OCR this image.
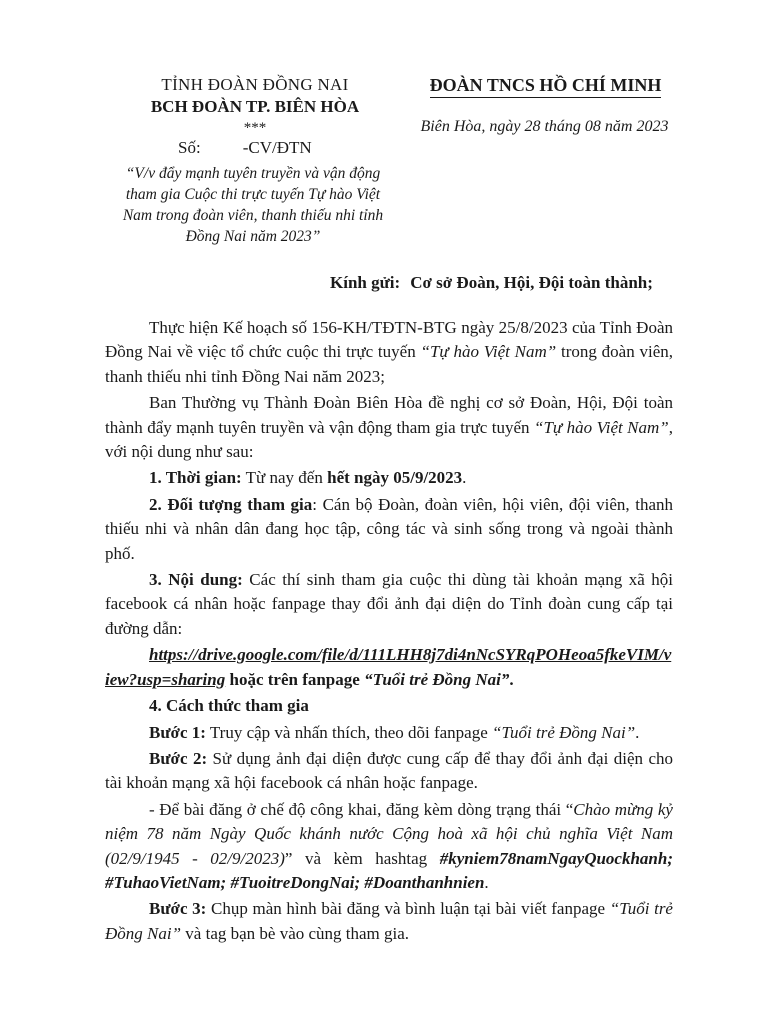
TỈNH ĐOÀN ĐỒNG NAI
BCH ĐOÀN TP. BIÊN HÒA
***
Số: -CV/ĐTN
“V/v đẩy mạnh tuyên truyền và vận động tham gia Cuộc thi trực tuyến Tự hào Việt Nam trong đoàn viên, thanh thiếu nhi tỉnh Đồng Nai năm 2023”
ĐOÀN TNCS HỒ CHÍ MINH
Biên Hòa, ngày 28 tháng 08 năm 2023
Kính gửi: Cơ sở Đoàn, Hội, Đội toàn thành;

Thực hiện Kế hoạch số 156-KH/TĐTN-BTG ngày 25/8/2023 của Tỉnh Đoàn Đồng Nai về việc tổ chức cuộc thi trực tuyến “Tự hào Việt Nam” trong đoàn viên, thanh thiếu nhi tỉnh Đồng Nai năm 2023;

Ban Thường vụ Thành Đoàn Biên Hòa đề nghị cơ sở Đoàn, Hội, Đội toàn thành đẩy mạnh tuyên truyền và vận động tham gia trực tuyến “Tự hào Việt Nam”, với nội dung như sau:

1. Thời gian: Từ nay đến hết ngày 05/9/2023.

2. Đối tượng tham gia: Cán bộ Đoàn, đoàn viên, hội viên, đội viên, thanh thiếu nhi và nhân dân đang học tập, công tác và sinh sống trong và ngoài thành phố.

3. Nội dung: Các thí sinh tham gia cuộc thi dùng tài khoản mạng xã hội facebook cá nhân hoặc fanpage thay đổi ảnh đại diện do Tỉnh đoàn cung cấp tại đường dẫn:

https://drive.google.com/file/d/111LHH8j7di4nNcSYRqPOHeoa5fkeVIM/view?usp=sharing hoặc trên fanpage “Tuổi trẻ Đồng Nai”.

4. Cách thức tham gia

Bước 1: Truy cập và nhấn thích, theo dõi fanpage “Tuổi trẻ Đồng Nai”.

Bước 2: Sử dụng ảnh đại diện được cung cấp để thay đổi ảnh đại diện cho tài khoản mạng xã hội facebook cá nhân hoặc fanpage.

- Để bài đăng ở chế độ công khai, đăng kèm dòng trạng thái “Chào mừng kỷ niệm 78 năm Ngày Quốc khánh nước Cộng hoà xã hội chủ nghĩa Việt Nam (02/9/1945 - 02/9/2023)” và kèm hashtag #kyniem78namNgayQuockhanh; #TuhaoVietNam; #TuoitreDongNai; #Doanthanhnien.

Bước 3: Chụp màn hình bài đăng và bình luận tại bài viết fanpage “Tuổi trẻ Đồng Nai” và tag bạn bè vào cùng tham gia.
